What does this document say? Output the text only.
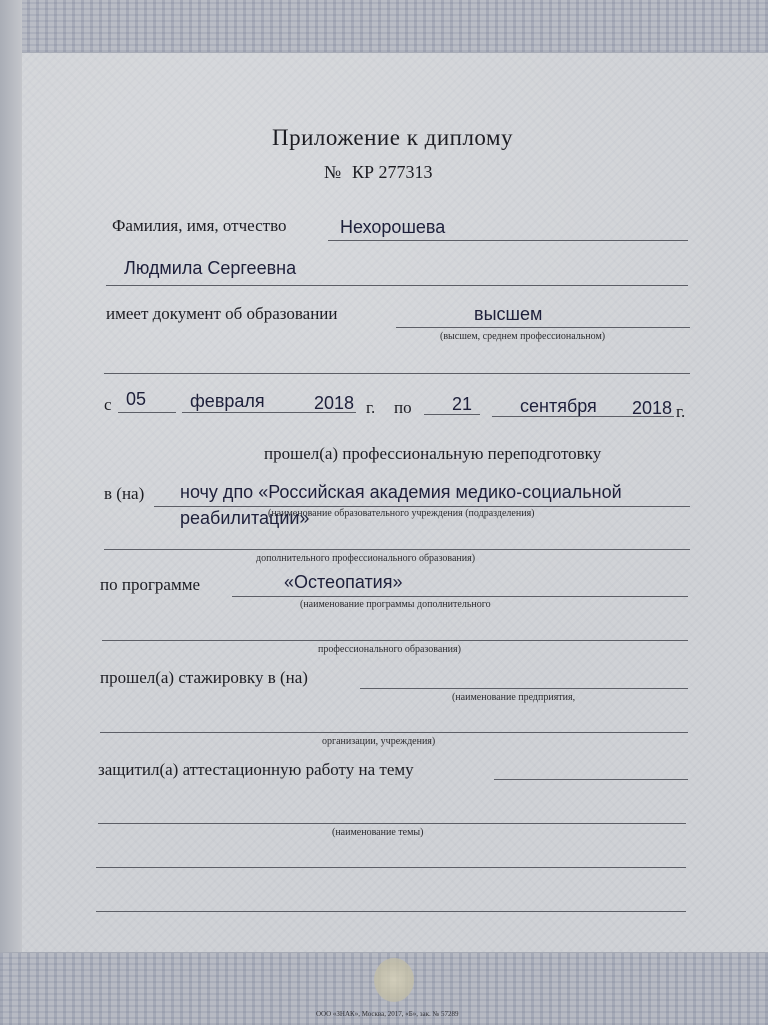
Приложение к диплому
№ КР 277313
Фамилия, имя, отчество	Нехорошева
Людмила Сергеевна
имеет документ об образовании	высшем
(высшем, среднем профессиональном)
с 05 февраля	2018 г. по 21	сентября 2018 г.
прошел(а) профессиональную переподготовку
в (на) ночу дпо «Российская академия медико-социальной
(наименование образовательного учреждения (подразделения)
реабилитации»
дополнительного профессионального образования)
по программе	«Остеопатия»
(наименование программы дополнительного
профессионального образования)
прошел(а) стажировку в (на)
(наименование предприятия,
организации, учреждения)
защитил(а) аттестационную работу на тему
(наименование темы)
ООО «ЗНАК», Москва, 2017, «Б», зак. № 57289
